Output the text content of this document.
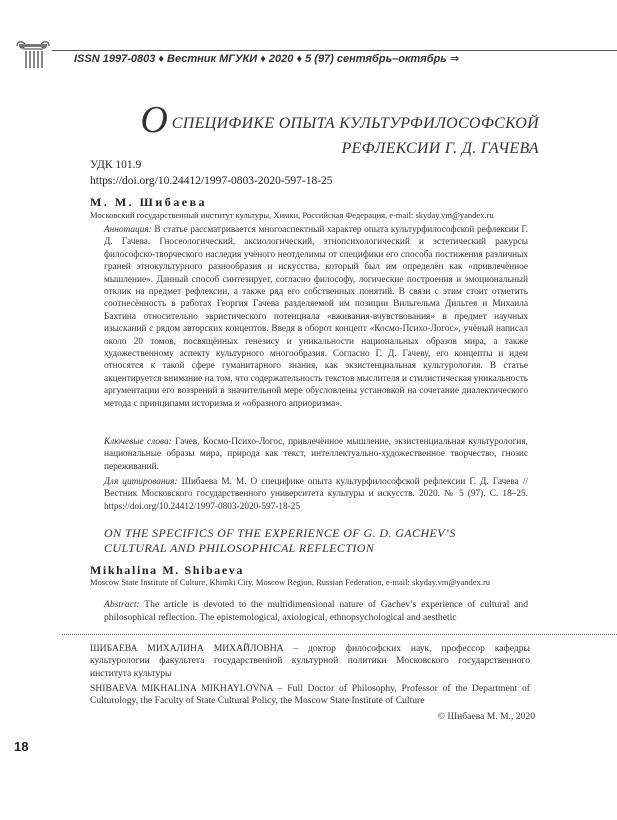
ISSN 1997-0803 ♦ Вестник МГУКИ ♦ 2020 ♦ 5 (97) сентябрь–октябрь ⇒
О СПЕЦИФИКЕ ОПЫТА КУЛЬТУРФИЛОСОФСКОЙ
РЕФЛЕКСИИ Г. Д. ГАЧЕВА
УДК 101.9
https://doi.org/10.24412/1997-0803-2020-597-18-25
М. М. Шибаева
Московский государственный институт культуры, Химки, Российская Федерация, e-mail: skyday.vm@yandex.ru
Аннотация: В статье рассматривается многоаспектный характер опыта культурфилософской рефлексии Г. Д. Гачева. Гносеологический, аксиологический, этнопсихологический и эстетический ракурсы философско-творческого наследия учёного неотделимы от специфики его способа постижения различных граней этнокультурного разнообразия и искусства, который был им определён как «привлечённое мышление». Данный способ синтезирует, согласно философу, логические построения и эмоциональный отклик на предмет рефлексии, а также ряд его собственных понятий. В связи с этим стоит отметить соотнесённость в работах Георгия Гачева разделяемой им позиции Вильгельма Дильтея и Михаила Бахтина относительно эвристического потенциала «вживания-вчувствования» в предмет научных изысканий с рядом авторских концептов. Введя в оборот концепт «Космо-Психо-Логос», учёный написал около 20 томов, посвящённых генезису и уникальности национальных образов мира, а также художественному аспекту культурного многообразия. Согласно Г. Д. Гачеву, его концепты и идеи относятся к такой сфере гуманитарного знания, как экзистенциальная культурология. В статье акцентируется внимание на том, что содержательность текстов мыслителя и стилистическая уникальность аргументации его воззрений в значительной мере обусловлены установкой на сочетание диалектического метода с принципами историзма и «образного априоризма».
Ключевые слова: Гачев, Космо-Психо-Логос, привлечённое мышление, экзистенциальная культурология, национальные образы мира, природа как текст, интеллектуально-художественное творчество, гнозис переживаний.
Для цитирования: Шибаева М. М. О специфике опыта культурфилософской рефлексии Г. Д. Гачева // Вестник Московского государственного университета культуры и искусств. 2020. № 5 (97). С. 18–25. https://doi.org/10.24412/1997-0803-2020-597-18-25
ON THE SPECIFICS OF THE EXPERIENCE OF G. D. GACHEV’S
CULTURAL AND PHILOSOPHICAL REFLECTION
Mikhalina M. Shibaeva
Moscow State Institute of Culture, Khimki City, Moscow Region, Russian Federation, e-mail: skyday.vm@yandex.ru
Abstract: The article is devoted to the multidimensional nature of Gachev’s experience of cultural and philosophical reflection. The epistemological, axiological, ethnopsychological and aesthetic
ШИБАЕВА МИХАЛИНА МИХАЙЛОВНА – доктор философских наук, профессор кафедры культурологии факультета государственной культурной политики Московского государственного института культуры
SHIBAEVA MIKHALINA MIKHAYLOVNA – Full Doctor of Philosophy, Professor of the Department of Culturology, the Faculty of State Cultural Policy, the Moscow State Institute of Culture
© Шибаева М. М., 2020
18
